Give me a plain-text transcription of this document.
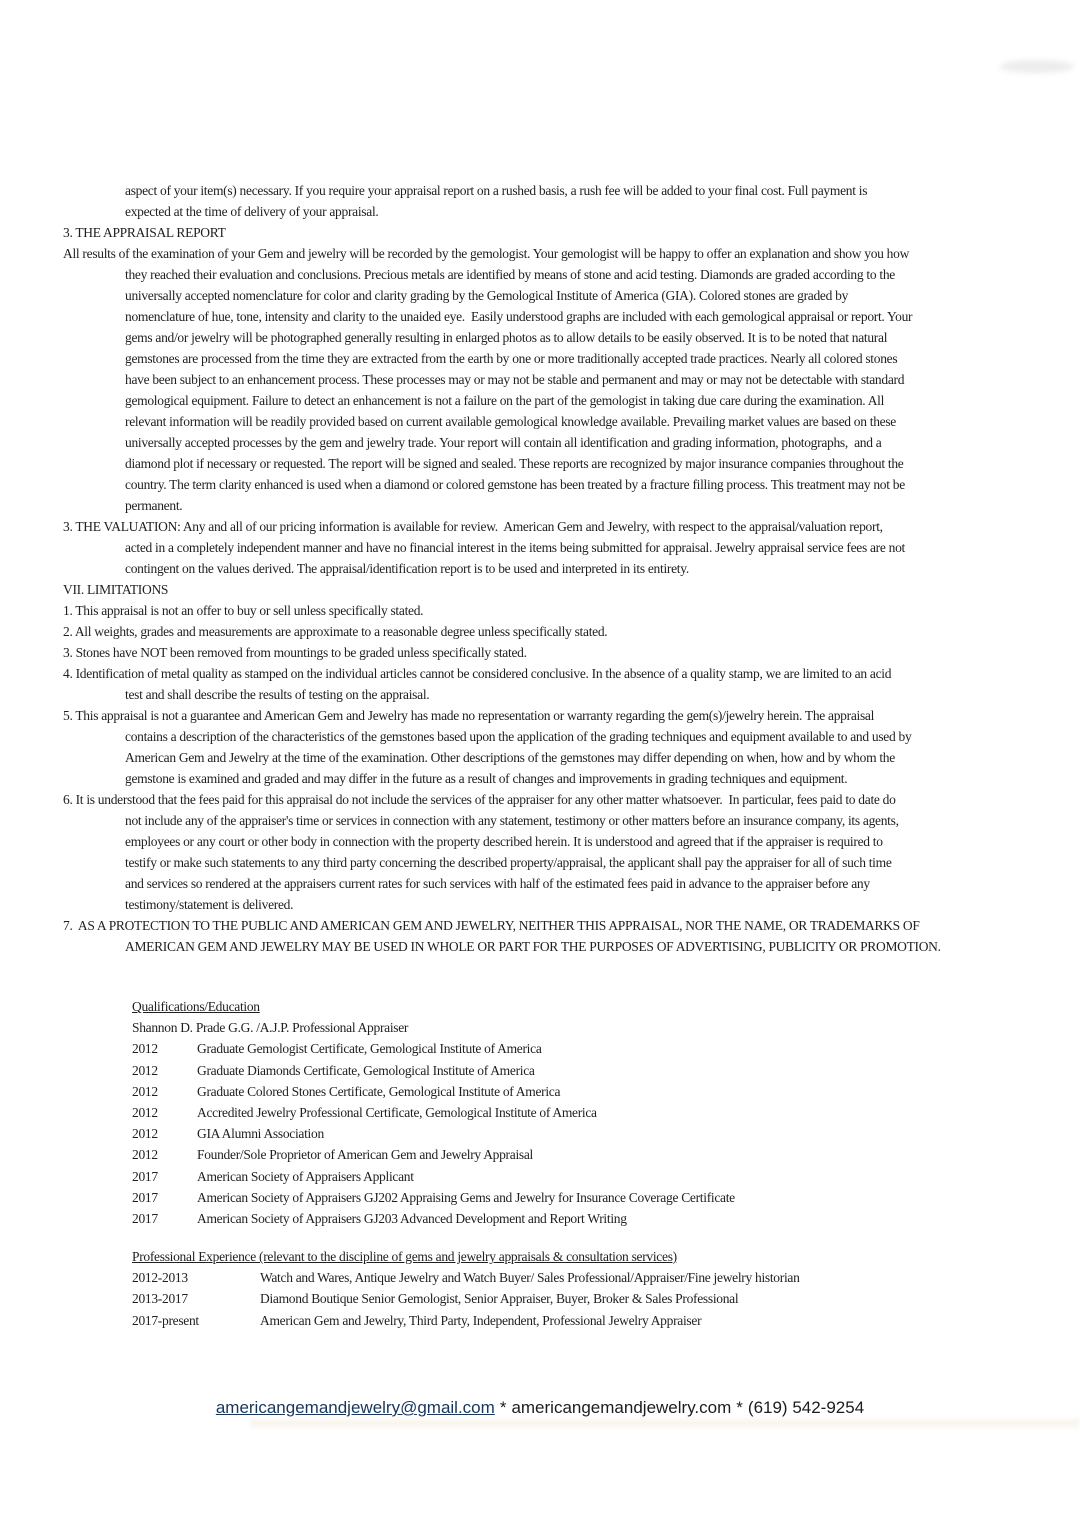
aspect of your item(s) necessary. If you require your appraisal report on a rushed basis, a rush fee will be added to your final cost. Full payment is
expected at the time of delivery of your appraisal.
3. THE APPRAISAL REPORT
All results of the examination of your Gem and jewelry will be recorded by the gemologist. Your gemologist will be happy to offer an explanation and show you how
they reached their evaluation and conclusions. Precious metals are identified by means of stone and acid testing. Diamonds are graded according to the
universally accepted nomenclature for color and clarity grading by the Gemological Institute of America (GIA). Colored stones are graded by
nomenclature of hue, tone, intensity and clarity to the unaided eye.  Easily understood graphs are included with each gemological appraisal or report. Your
gems and/or jewelry will be photographed generally resulting in enlarged photos as to allow details to be easily observed. It is to be noted that natural
gemstones are processed from the time they are extracted from the earth by one or more traditionally accepted trade practices. Nearly all colored stones
have been subject to an enhancement process. These processes may or may not be stable and permanent and may or may not be detectable with standard
gemological equipment. Failure to detect an enhancement is not a failure on the part of the gemologist in taking due care during the examination. All
relevant information will be readily provided based on current available gemological knowledge available. Prevailing market values are based on these
universally accepted processes by the gem and jewelry trade. Your report will contain all identification and grading information, photographs,  and a
diamond plot if necessary or requested. The report will be signed and sealed. These reports are recognized by major insurance companies throughout the
country. The term clarity enhanced is used when a diamond or colored gemstone has been treated by a fracture filling process. This treatment may not be
permanent.
3. THE VALUATION: Any and all of our pricing information is available for review.  American Gem and Jewelry, with respect to the appraisal/valuation report,
acted in a completely independent manner and have no financial interest in the items being submitted for appraisal. Jewelry appraisal service fees are not
contingent on the values derived. The appraisal/identification report is to be used and interpreted in its entirety.
VII. LIMITATIONS
1. This appraisal is not an offer to buy or sell unless specifically stated.
2. All weights, grades and measurements are approximate to a reasonable degree unless specifically stated.
3. Stones have NOT been removed from mountings to be graded unless specifically stated.
4. Identification of metal quality as stamped on the individual articles cannot be considered conclusive. In the absence of a quality stamp, we are limited to an acid
test and shall describe the results of testing on the appraisal.
5. This appraisal is not a guarantee and American Gem and Jewelry has made no representation or warranty regarding the gem(s)/jewelry herein. The appraisal
contains a description of the characteristics of the gemstones based upon the application of the grading techniques and equipment available to and used by
American Gem and Jewelry at the time of the examination. Other descriptions of the gemstones may differ depending on when, how and by whom the
gemstone is examined and graded and may differ in the future as a result of changes and improvements in grading techniques and equipment.
6. It is understood that the fees paid for this appraisal do not include the services of the appraiser for any other matter whatsoever.  In particular, fees paid to date do
not include any of the appraiser's time or services in connection with any statement, testimony or other matters before an insurance company, its agents,
employees or any court or other body in connection with the property described herein. It is understood and agreed that if the appraiser is required to
testify or make such statements to any third party concerning the described property/appraisal, the applicant shall pay the appraiser for all of such time
and services so rendered at the appraisers current rates for such services with half of the estimated fees paid in advance to the appraiser before any
testimony/statement is delivered.
7.  AS A PROTECTION TO THE PUBLIC AND AMERICAN GEM AND JEWELRY, NEITHER THIS APPRAISAL, NOR THE NAME, OR TRADEMARKS OF
AMERICAN GEM AND JEWELRY MAY BE USED IN WHOLE OR PART FOR THE PURPOSES OF ADVERTISING, PUBLICITY OR PROMOTION.
Qualifications/Education
Shannon D. Prade G.G. /A.J.P. Professional Appraiser
2012	Graduate Gemologist Certificate, Gemological Institute of America
2012	Graduate Diamonds Certificate, Gemological Institute of America
2012	Graduate Colored Stones Certificate, Gemological Institute of America
2012	Accredited Jewelry Professional Certificate, Gemological Institute of America
2012	GIA Alumni Association
2012	Founder/Sole Proprietor of American Gem and Jewelry Appraisal
2017	American Society of Appraisers Applicant
2017	American Society of Appraisers GJ202 Appraising Gems and Jewelry for Insurance Coverage Certificate
2017	American Society of Appraisers GJ203 Advanced Development and Report Writing
Professional Experience (relevant to the discipline of gems and jewelry appraisals & consultation services)
2012-2013	Watch and Wares, Antique Jewelry and Watch Buyer/ Sales Professional/Appraiser/Fine jewelry historian
2013-2017	Diamond Boutique Senior Gemologist, Senior Appraiser, Buyer, Broker & Sales Professional
2017-present	American Gem and Jewelry, Third Party, Independent, Professional Jewelry Appraiser
americangemandjewelry@gmail.com * americangemandjewelry.com * (619) 542-9254
